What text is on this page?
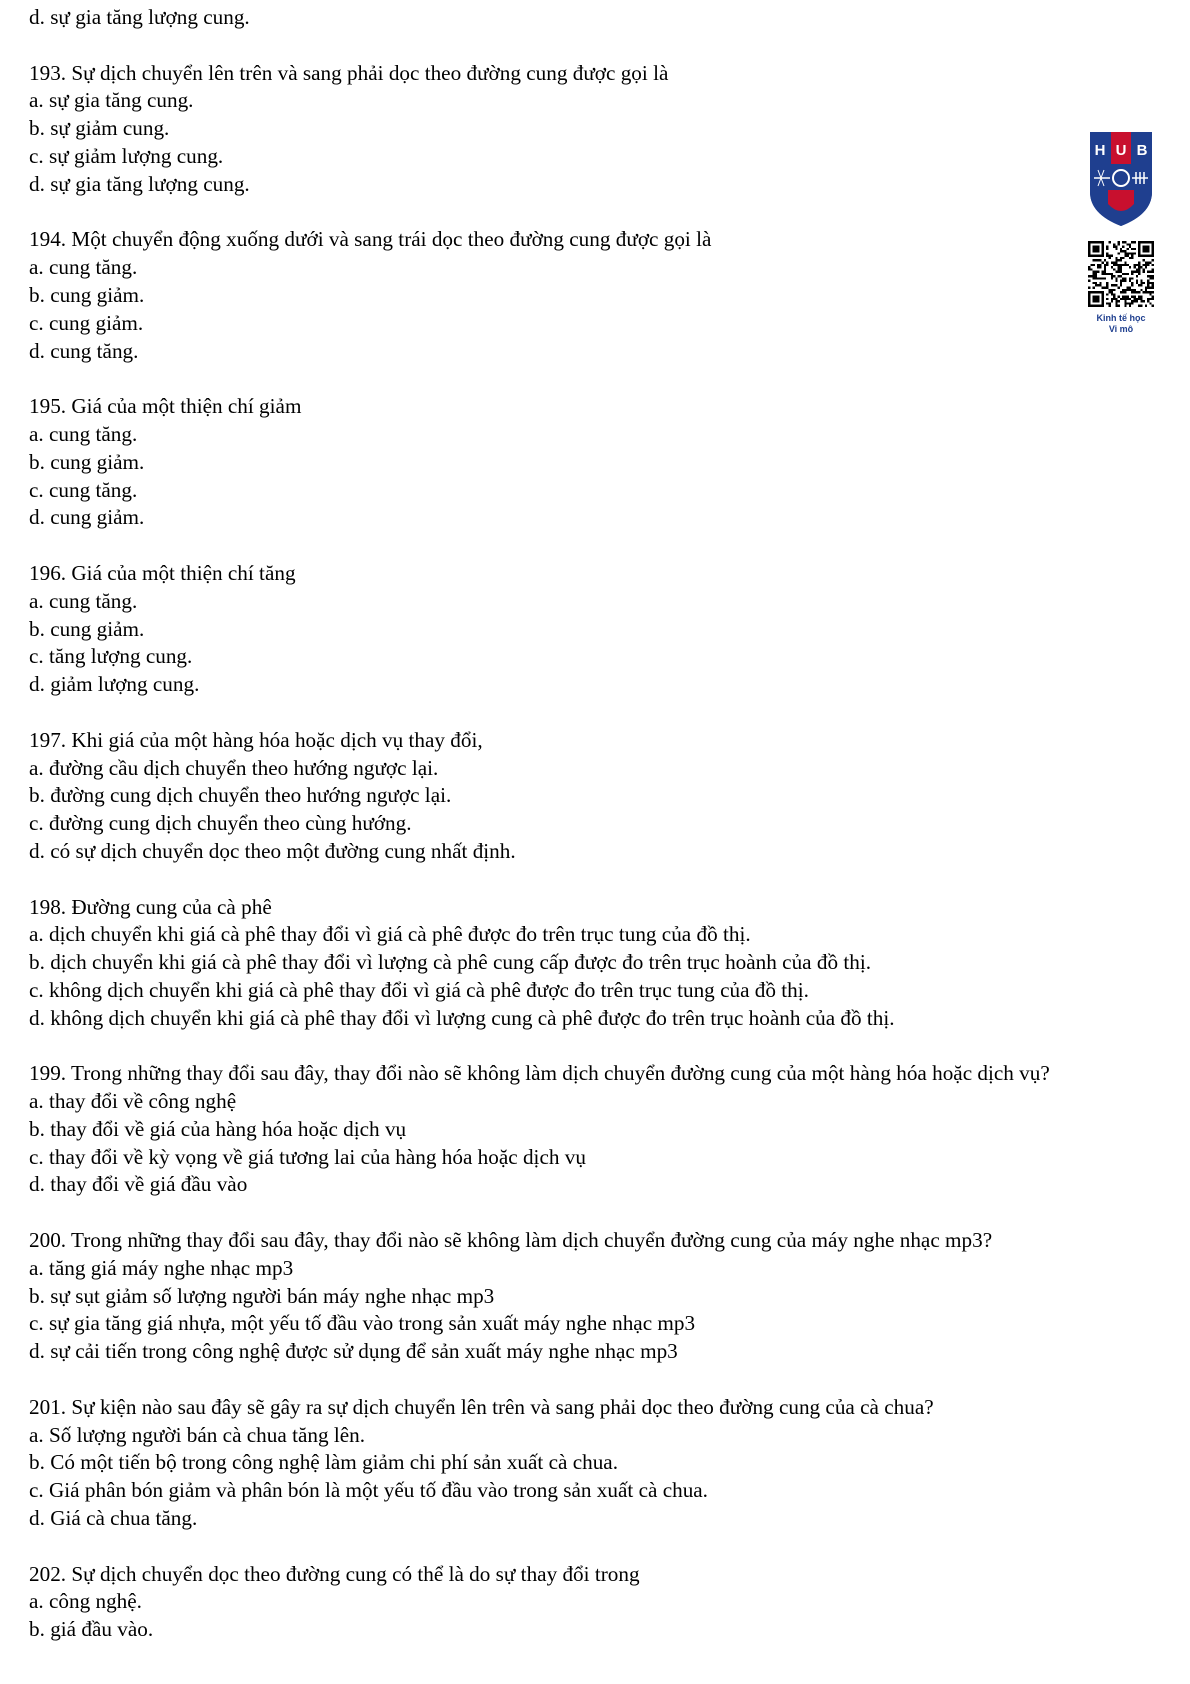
d. sự gia tăng lượng cung.
193. Sự dịch chuyển lên trên và sang phải dọc theo đường cung được gọi là
a. sự gia tăng cung.
b. sự giảm cung.
c. sự giảm lượng cung.
d. sự gia tăng lượng cung.
194. Một chuyển động xuống dưới và sang trái dọc theo đường cung được gọi là
a. cung tăng.
b. cung giảm.
c. cung giảm.
d. cung tăng.
195. Giá của một thiện chí giảm
a. cung tăng.
b. cung giảm.
c. cung tăng.
d. cung giảm.
196. Giá của một thiện chí tăng
a. cung tăng.
b. cung giảm.
c. tăng lượng cung.
d. giảm lượng cung.
197. Khi giá của một hàng hóa hoặc dịch vụ thay đổi,
a. đường cầu dịch chuyển theo hướng ngược lại.
b. đường cung dịch chuyển theo hướng ngược lại.
c. đường cung dịch chuyển theo cùng hướng.
d. có sự dịch chuyển dọc theo một đường cung nhất định.
198. Đường cung của cà phê
a. dịch chuyển khi giá cà phê thay đổi vì giá cà phê được đo trên trục tung của đồ thị.
b. dịch chuyển khi giá cà phê thay đổi vì lượng cà phê cung cấp được đo trên trục hoành của đồ thị.
c. không dịch chuyển khi giá cà phê thay đổi vì giá cà phê được đo trên trục tung của đồ thị.
d. không dịch chuyển khi giá cà phê thay đổi vì lượng cung cà phê được đo trên trục hoành của đồ thị.
199. Trong những thay đổi sau đây, thay đổi nào sẽ không làm dịch chuyển đường cung của một hàng hóa hoặc dịch vụ?
a. thay đổi về công nghệ
b. thay đổi về giá của hàng hóa hoặc dịch vụ
c. thay đổi về kỳ vọng về giá tương lai của hàng hóa hoặc dịch vụ
d. thay đổi về giá đầu vào
200. Trong những thay đổi sau đây, thay đổi nào sẽ không làm dịch chuyển đường cung của máy nghe nhạc mp3?
a. tăng giá máy nghe nhạc mp3
b. sự sụt giảm số lượng người bán máy nghe nhạc mp3
c. sự gia tăng giá nhựa, một yếu tố đầu vào trong sản xuất máy nghe nhạc mp3
d. sự cải tiến trong công nghệ được sử dụng để sản xuất máy nghe nhạc mp3
201. Sự kiện nào sau đây sẽ gây ra sự dịch chuyển lên trên và sang phải dọc theo đường cung của cà chua?
a. Số lượng người bán cà chua tăng lên.
b. Có một tiến bộ trong công nghệ làm giảm chi phí sản xuất cà chua.
c. Giá phân bón giảm và phân bón là một yếu tố đầu vào trong sản xuất cà chua.
d. Giá cà chua tăng.
202. Sự dịch chuyển dọc theo đường cung có thể là do sự thay đổi trong
a. công nghệ.
b. giá đầu vào.
H U B

Kinh tế học
Vi mô
